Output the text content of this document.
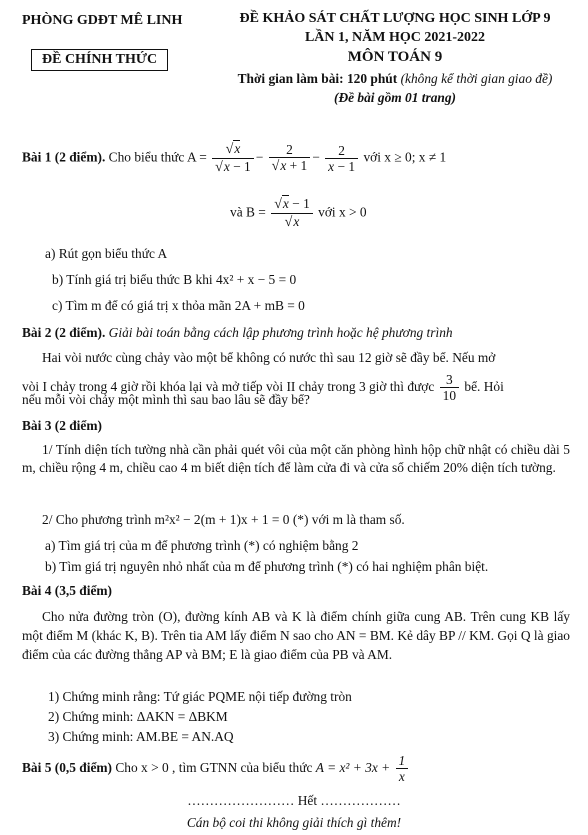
PHÒNG GDĐT MÊ LINH
ĐỀ CHÍNH THỨC
ĐỀ KHẢO SÁT CHẤT LƯỢNG HỌC SINH LỚP 9
LẦN 1, NĂM HỌC 2021-2022
MÔN TOÁN 9
Thời gian làm bài: 120 phút (không kể thời gian giao đề)
(Đề bài gồm 01 trang)
Bài 1 (2 điểm). Cho biểu thức $A = \frac{√x}{√x - 1} - \frac{2}{√x + 1} - \frac{2}{x - 1}$ với x ≥ 0; x ≠ 1
và $B = \frac{√x - 1}{√x}$ với x > 0
a) Rút gọn biểu thức A
b) Tính giá trị biểu thức B khi 4x² + x − 5 = 0
c) Tìm m để có giá trị x thỏa mãn 2A + mB = 0
Bài 2 (2 điểm). Giải bài toán bằng cách lập phương trình hoặc hệ phương trình
Hai vòi nước cùng chảy vào một bể không có nước thì sau 12 giờ sẽ đầy bể. Nếu mở
vòi I chảy trong 4 giờ rồi khóa lại và mở tiếp vòi II chảy trong 3 giờ thì được $\frac{3}{10}$ bể. Hỏi
nếu mỗi vòi chảy một mình thì sau bao lâu sẽ đầy bể?
Bài 3 (2 điểm)

1/ Tính diện tích tường nhà cần phải quét vôi của một căn phòng hình hộp chữ nhật có chiều dài 5 m, chiều rộng 4 m, chiều cao 4 m biết diện tích để làm cửa đi và cửa sổ chiếm 20% diện tích tường.

2/ Cho phương trình m²x² − 2(m + 1)x + 1 = 0 (*) với m là tham số.
a) Tìm giá trị của m để phương trình (*) có nghiệm bằng 2
b) Tìm giá trị nguyên nhỏ nhất của m để phương trình (*) có hai nghiệm phân biệt.
Bài 4 (3,5 điểm)

Cho nửa đường tròn (O), đường kính AB và K là điểm chính giữa cung AB. Trên cung KB lấy một điểm M (khác K, B). Trên tia AM lấy điểm N sao cho AN = BM. Kẻ dây BP // KM. Gọi Q là giao điểm của các đường thẳng AP và BM; E là giao điểm của PB và AM.

1) Chứng minh rằng: Tứ giác PQME nội tiếp đường tròn
2) Chứng minh: ΔAKN = ΔBKM
3) Chứng minh: AM.BE = AN.AQ
Bài 5 (0,5 điểm) Cho x > 0 , tìm GTNN của biểu thức $A = x^2 + 3x + \frac{1}{x}$
…………………… Hết ………………
Cán bộ coi thi không giải thích gì thêm!
